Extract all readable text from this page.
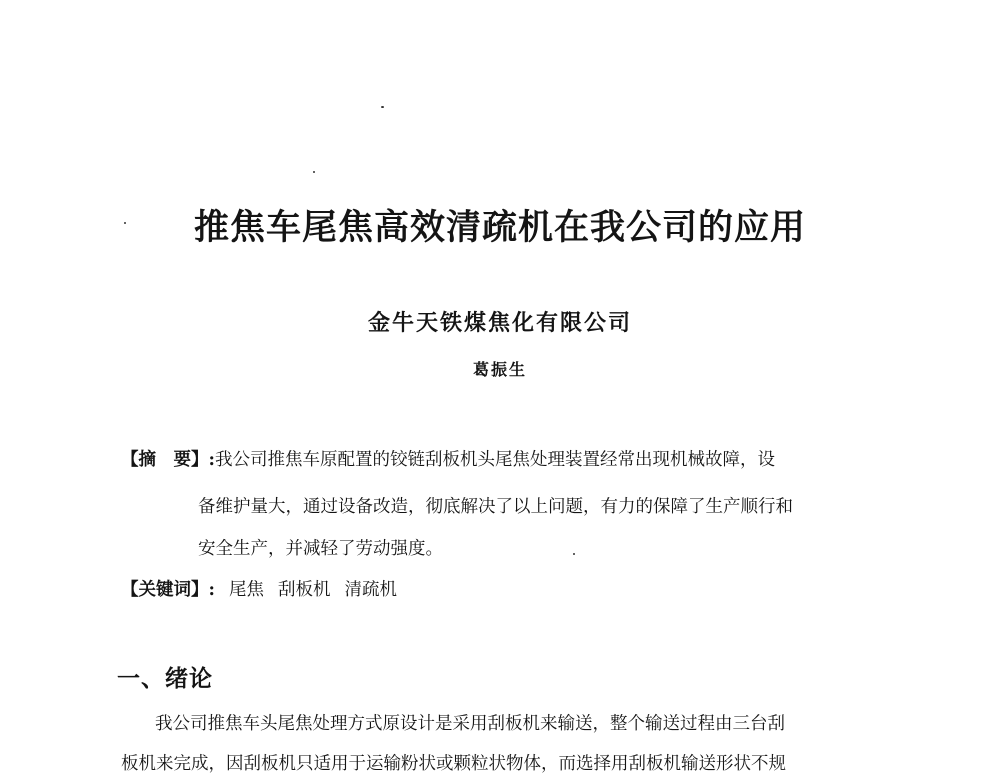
推焦车尾焦高效清疏机在我公司的应用
金牛天铁煤焦化有限公司
葛振生
【摘　要】:我公司推焦车原配置的铰链刮板机头尾焦处理装置经常出现机械故障，设
备维护量大，通过设备改造，彻底解决了以上问题，有力的保障了生产顺行和
安全生产，并减轻了劳动强度。
【关键词】: 尾焦 刮板机 清疏机
一、绪论
我公司推焦车头尾焦处理方式原设计是采用刮板机来输送，整个输送过程由三台刮
板机来完成，因刮板机只适用于运输粉状或颗粒状物体，而选择用刮板机输送形状不规
